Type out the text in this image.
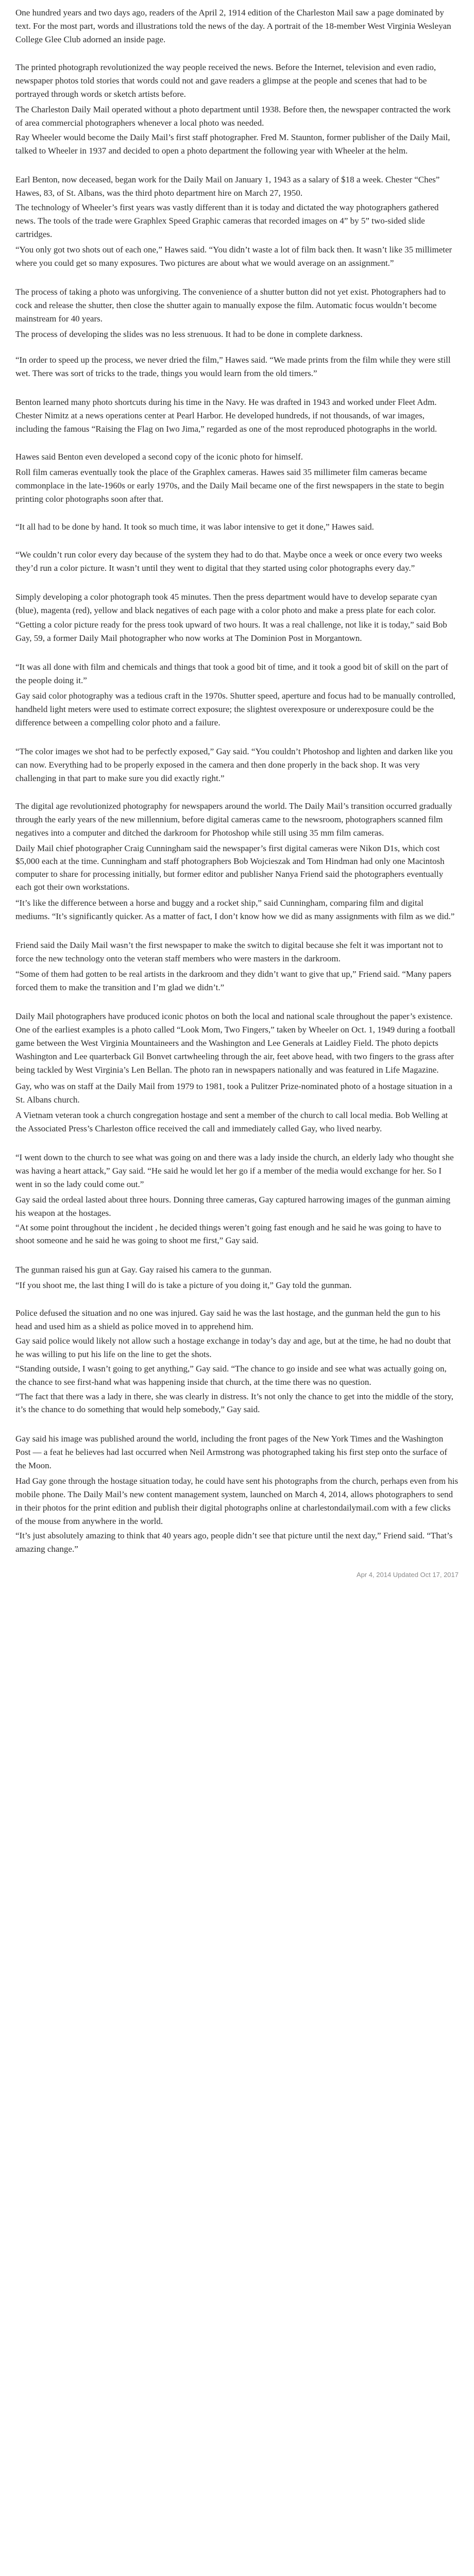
One hundred years and two days ago, readers of the April 2, 1914 edition of the Charleston Mail saw a page dominated by text. For the most part, words and illustrations told the news of the day. A portrait of the 18-member West Virginia Wesleyan College Glee Club adorned an inside page.

The printed photograph revolutionized the way people received the news. Before the Internet, television and even radio, newspaper photos told stories that words could not and gave readers a glimpse at the people and scenes that had to be portrayed through words or sketch artists before.

The Charleston Daily Mail operated without a photo department until 1938. Before then, the newspaper contracted the work of area commercial photographers whenever a local photo was needed.

Ray Wheeler would become the Daily Mail’s first staff photographer. Fred M. Staunton, former publisher of the Daily Mail, talked to Wheeler in 1937 and decided to open a photo department the following year with Wheeler at the helm.

Earl Benton, now deceased, began work for the Daily Mail on January 1, 1943 as a salary of $18 a week. Chester “Ches” Hawes, 83, of St. Albans, was the third photo department hire on March 27, 1950.

The technology of Wheeler’s first years was vastly different than it is today and dictated the way photographers gathered news. The tools of the trade were Graphlex Speed Graphic cameras that recorded images on 4” by 5” two-sided slide cartridges.

“You only got two shots out of each one,” Hawes said. “You didn’t waste a lot of film back then. It wasn’t like 35 millimeter where you could get so many exposures. Two pictures are about what we would average on an assignment.”

The process of taking a photo was unforgiving. The convenience of a shutter button did not yet exist. Photographers had to cock and release the shutter, then close the shutter again to manually expose the film. Automatic focus wouldn’t become mainstream for 40 years.

The process of developing the slides was no less strenuous. It had to be done in complete darkness.

“In order to speed up the process, we never dried the film,” Hawes said. “We made prints from the film while they were still wet. There was sort of tricks to the trade, things you would learn from the old timers.”

Benton learned many photo shortcuts during his time in the Navy. He was drafted in 1943 and worked under Fleet Adm. Chester Nimitz at a news operations center at Pearl Harbor. He developed hundreds, if not thousands, of war images, including the famous “Raising the Flag on Iwo Jima,” regarded as one of the most reproduced photographs in the world.

Hawes said Benton even developed a second copy of the iconic photo for himself.

Roll film cameras eventually took the place of the Graphlex cameras. Hawes said 35 millimeter film cameras became commonplace in the late-1960s or early 1970s, and the Daily Mail became one of the first newspapers in the state to begin printing color photographs soon after that.

“It all had to be done by hand. It took so much time, it was labor intensive to get it done,” Hawes said.

“We couldn’t run color every day because of the system they had to do that. Maybe once a week or once every two weeks they’d run a color picture. It wasn’t until they went to digital that they started using color photographs every day.”

Simply developing a color photograph took 45 minutes. Then the press department would have to develop separate cyan (blue), magenta (red), yellow and black negatives of each page with a color photo and make a press plate for each color.

“Getting a color picture ready for the press took upward of two hours. It was a real challenge, not like it is today,” said Bob Gay, 59, a former Daily Mail photographer who now works at The Dominion Post in Morgantown.

“It was all done with film and chemicals and things that took a good bit of time, and it took a good bit of skill on the part of the people doing it.”

Gay said color photography was a tedious craft in the 1970s. Shutter speed, aperture and focus had to be manually controlled, handheld light meters were used to estimate correct exposure; the slightest overexposure or underexposure could be the difference between a compelling color photo and a failure.

“The color images we shot had to be perfectly exposed,” Gay said. “You couldn’t Photoshop and lighten and darken like you can now. Everything had to be properly exposed in the camera and then done properly in the back shop. It was very challenging in that part to make sure you did exactly right.”

The digital age revolutionized photography for newspapers around the world. The Daily Mail’s transition occurred gradually through the early years of the new millennium, before digital cameras came to the newsroom, photographers scanned film negatives into a computer and ditched the darkroom for Photoshop while still using 35 mm film cameras.

Daily Mail chief photographer Craig Cunningham said the newspaper’s first digital cameras were Nikon D1s, which cost $5,000 each at the time. Cunningham and staff photographers Bob Wojcieszak and Tom Hindman had only one Macintosh computer to share for processing initially, but former editor and publisher Nanya Friend said the photographers eventually each got their own workstations.

“It’s like the difference between a horse and buggy and a rocket ship,” said Cunningham, comparing film and digital mediums. “It’s significantly quicker. As a matter of fact, I don’t know how we did as many assignments with film as we did.”

Friend said the Daily Mail wasn’t the first newspaper to make the switch to digital because she felt it was important not to force the new technology onto the veteran staff members who were masters in the darkroom.

“Some of them had gotten to be real artists in the darkroom and they didn’t want to give that up,” Friend said. “Many papers forced them to make the transition and I’m glad we didn’t.”

Daily Mail photographers have produced iconic photos on both the local and national scale throughout the paper’s existence. One of the earliest examples is a photo called “Look Mom, Two Fingers,” taken by Wheeler on Oct. 1, 1949 during a football game between the West Virginia Mountaineers and the Washington and Lee Generals at Laidley Field. The photo depicts Washington and Lee quarterback Gil Bonvet cartwheeling through the air, feet above head, with two fingers to the grass after being tackled by West Virginia’s Len Bellan. The photo ran in newspapers nationally and was featured in Life Magazine.

Gay, who was on staff at the Daily Mail from 1979 to 1981, took a Pulitzer Prize-nominated photo of a hostage situation in a St. Albans church.

A Vietnam veteran took a church congregation hostage and sent a member of the church to call local media. Bob Welling at the Associated Press’s Charleston office received the call and immediately called Gay, who lived nearby.

“I went down to the church to see what was going on and there was a lady inside the church, an elderly lady who thought she was having a heart attack,” Gay said. “He said he would let her go if a member of the media would exchange for her. So I went in so the lady could come out.”

Gay said the ordeal lasted about three hours. Donning three cameras, Gay captured harrowing images of the gunman aiming his weapon at the hostages.

“At some point throughout the incident , he decided things weren’t going fast enough and he said he was going to have to shoot someone and he said he was going to shoot me first,” Gay said.

The gunman raised his gun at Gay. Gay raised his camera to the gunman.

“If you shoot me, the last thing I will do is take a picture of you doing it,” Gay told the gunman.

Police defused the situation and no one was injured. Gay said he was the last hostage, and the gunman held the gun to his head and used him as a shield as police moved in to apprehend him.

Gay said police would likely not allow such a hostage exchange in today’s day and age, but at the time, he had no doubt that he was willing to put his life on the line to get the shots.

“Standing outside, I wasn’t going to get anything,” Gay said. “The chance to go inside and see what was actually going on, the chance to see first-hand what was happening inside that church, at the time there was no question.

“The fact that there was a lady in there, she was clearly in distress. It’s not only the chance to get into the middle of the story, it’s the chance to do something that would help somebody,” Gay said.

Gay said his image was published around the world, including the front pages of the New York Times and the Washington Post — a feat he believes had last occurred when Neil Armstrong was photographed taking his first step onto the surface of the Moon.

Had Gay gone through the hostage situation today, he could have sent his photographs from the church, perhaps even from his mobile phone. The Daily Mail’s new content management system, launched on March 4, 2014, allows photographers to send in their photos for the print edition and publish their digital photographs online at charlestondailymail.com with a few clicks of the mouse from anywhere in the world.

“It’s just absolutely amazing to think that 40 years ago, people didn’t see that picture until the next day,” Friend said. “That’s amazing change.”

Apr 4, 2014 Updated Oct 17, 2017
